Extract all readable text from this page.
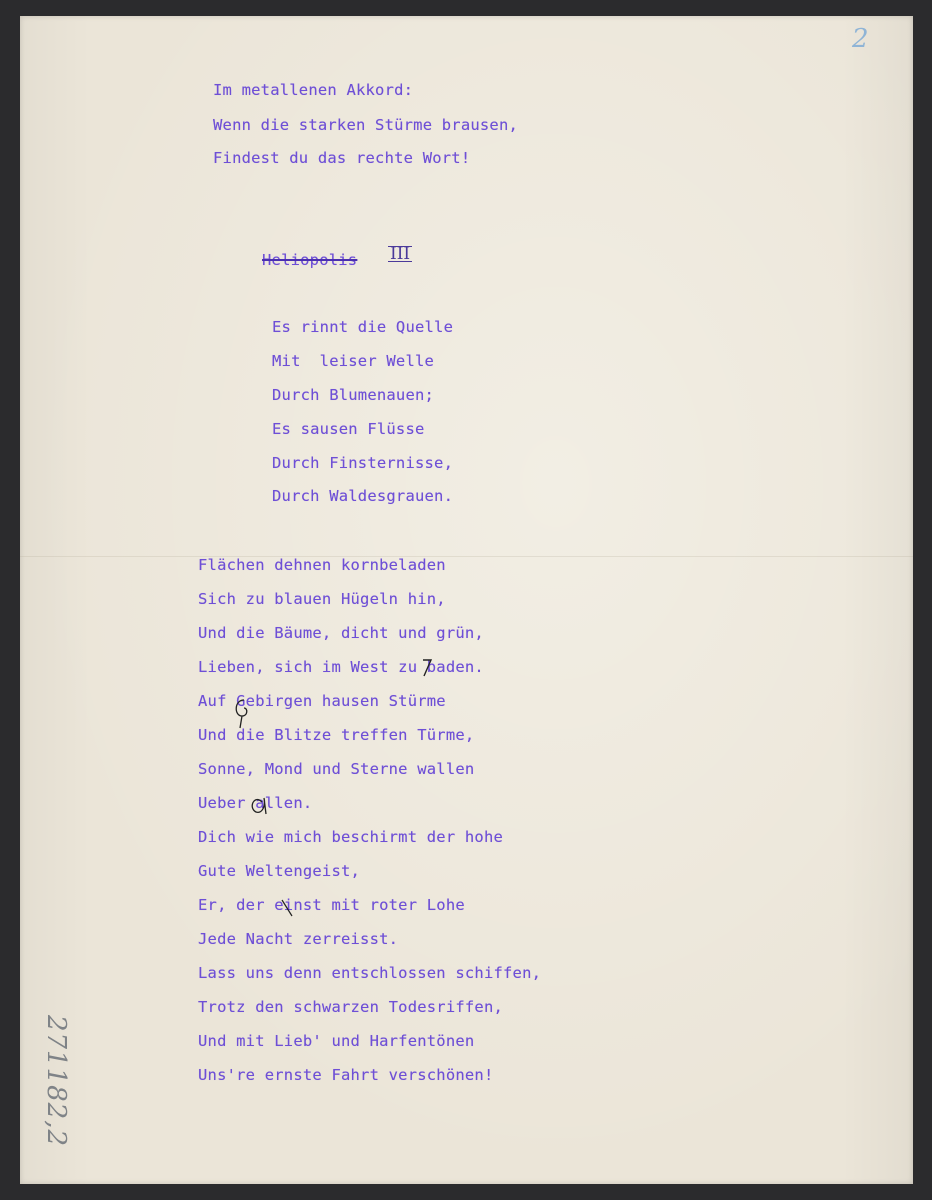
2

Im metallenen Akkord:

Wenn die starken Stürme brausen,

Findest du das rechte Wort!

Heliopolis III

Es rinnt die Quelle

Mit  leiser Welle

Durch Blumenauen;

Es sausen Flüsse

Durch Finsternisse,

Durch Waldesgrauen.

Flächen dehnen kornbeladen

Sich zu blauen Hügeln hin,

Und die Bäume, dicht und grün,

Lieben, sich im West zu baden.

Auf Gebirgen hausen Stürme

Und die Blitze treffen Türme,

Sonne, Mond und Sterne wallen

Ueber allen.

Dich wie mich beschirmt der hohe

Gute Weltengeist,

Er, der einst mit roter Lohe

Jede Nacht zerreisst.

Lass uns denn entschlossen schiffen,

Trotz den schwarzen Todesriffen,

Und mit Lieb' und Harfentönen

Uns're ernste Fahrt verschönen!

271182,2
